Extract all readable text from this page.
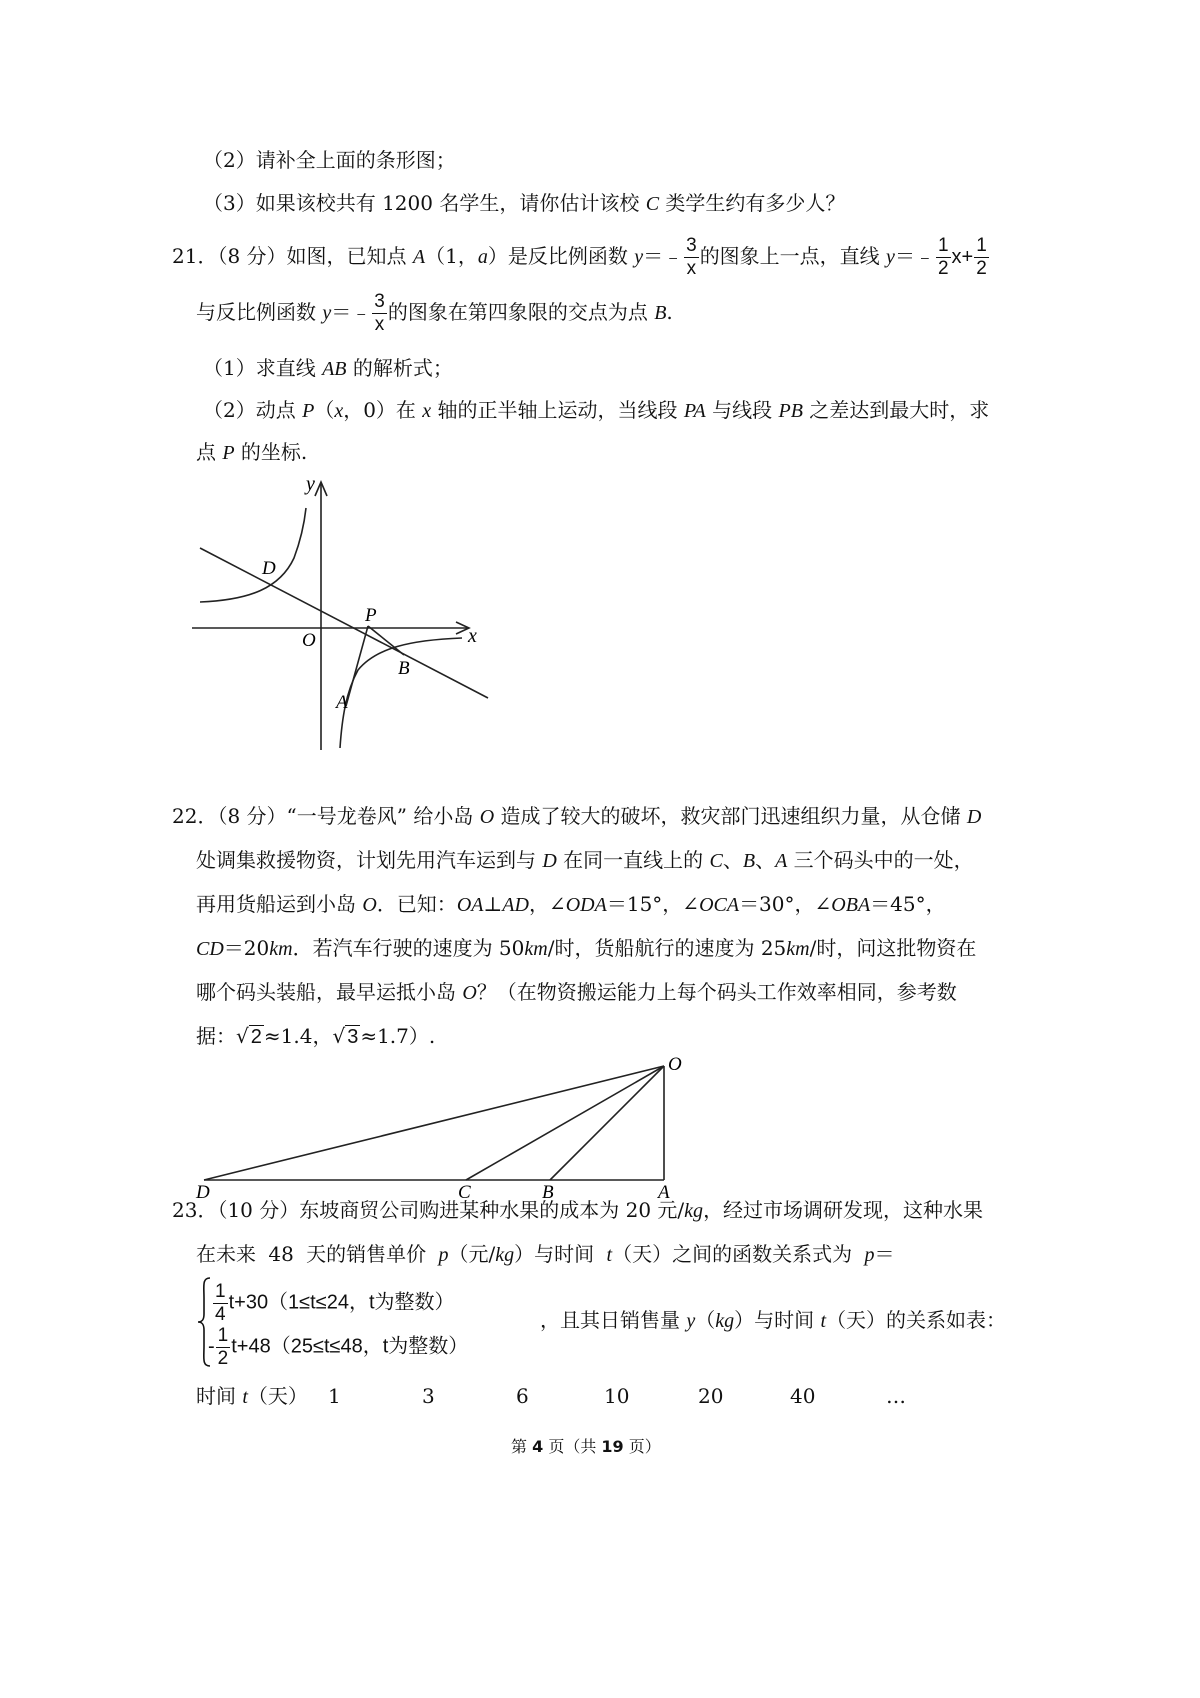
（2）请补全上面的条形图；
（3）如果该校共有 1200 名学生，请你估计该校 C 类学生约有多少人？
21．（8 分）如图，已知点 A（1，a）是反比例函数 y＝﹣ $\frac{3}{x}$ 的图象上一点，直线 y＝﹣ $\frac{1}{2} x+ \frac{1}{2}$
与反比例函数 y＝﹣ $\frac{3}{x}$ 的图象在第四象限的交点为点 B.
（1）求直线 AB 的解析式；
（2）动点 P（x，0）在 x 轴的正半轴上运动，当线段 PA 与线段 PB 之差达到最大时，求
点 P 的坐标.
y
x
O
D
P
B
A
22．（8 分）“一号龙卷风” 给小岛 O 造成了较大的破坏，救灾部门迅速组织力量，从仓储 D
处调集救援物资，计划先用汽车运到与 D 在同一直线上的 C、B、A 三个码头中的一处，
再用货船运到小岛 O．已知：OA⊥AD，∠ODA＝15°，∠OCA＝30°，∠OBA＝45°，
CD＝20km．若汽车行驶的速度为 50km/时，货船航行的速度为 25km/时，问这批物资在
哪个码头装船，最早运抵小岛 O？（在物资搬运能力上每个码头工作效率相同，参考数
据：√ 2 ≈1.4，√ 3 ≈1.7）.
O
D	C	B	A
23．（10 分）东坡商贸公司购进某种水果的成本为 20 元/kg，经过市场调研发现，这种水果
在未来 48 天的销售单价 p（元/kg）与时间 t（天）之间的函数关系式为 p＝
$\frac{1}{4} t+30(1\le t\le 24$，t为整数）
- $\frac{1}{2} t+48(25\le t\le 48$，t为整数）
，且其日销售量 y（kg）与时间 t（天）的关系如表：
时间 t（天） 1	3	6	10	20	40	…
第 4 页（共 19 页）
